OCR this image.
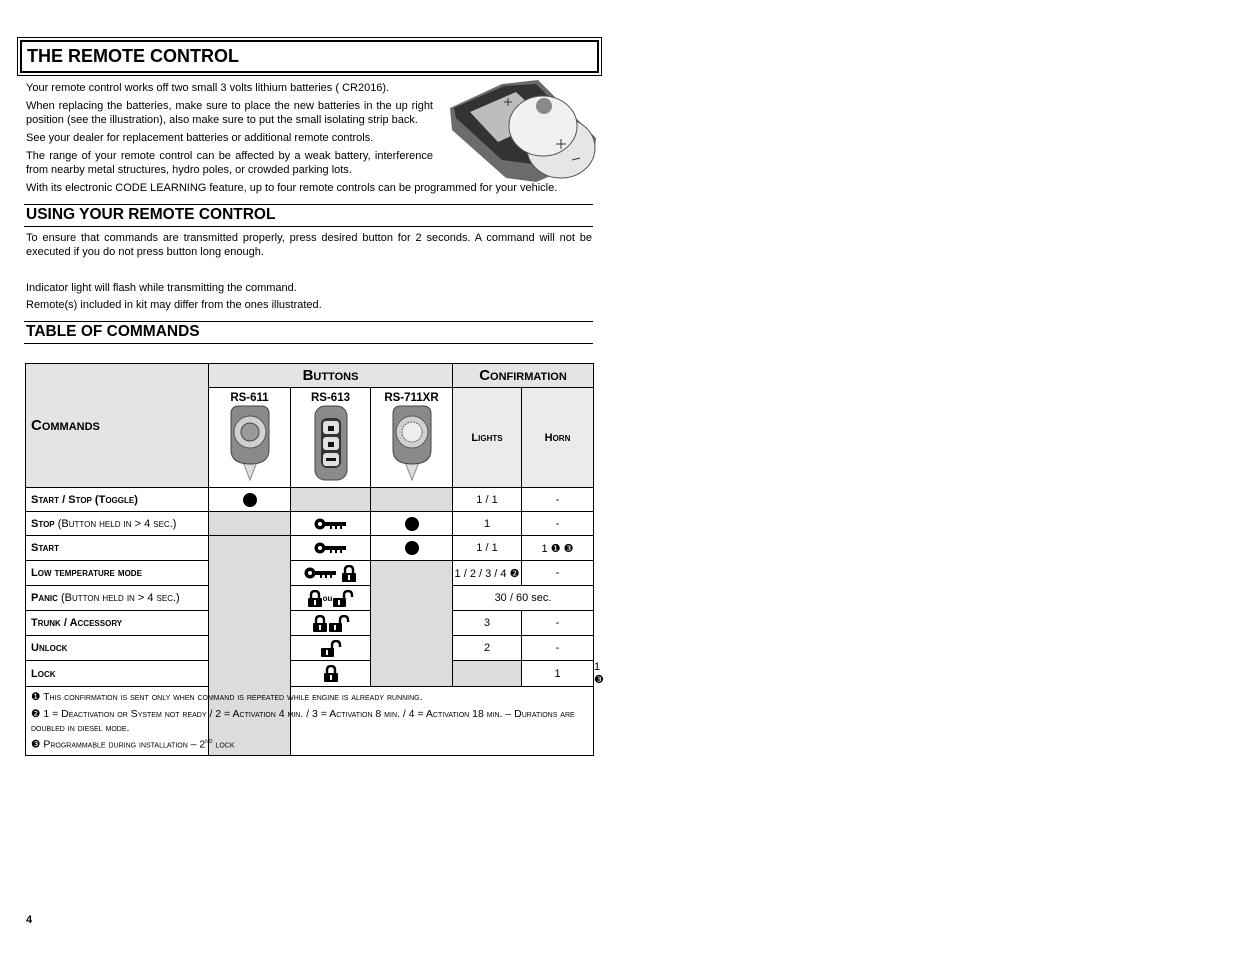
THE REMOTE CONTROL
Your remote control works off two small 3 volts lithium batteries ( CR2016).
When replacing the batteries, make sure to place the new batteries in the up right position (see the illustration), also make sure to put the small isolating strip back.
See your dealer for replacement batteries or additional remote controls.
The range of your remote control can be affected by a weak battery, interference from nearby metal structures, hydro poles, or crowded parking lots.
With its electronic CODE LEARNING feature, up to four remote controls can be programmed for your vehicle.
USING YOUR REMOTE CONTROL
To ensure that commands are transmitted properly, press desired button for 2 seconds. A command will not be executed if you do not press button long enough.
Indicator light will flash while transmitting the command.
Remote(s) included in kit may differ from the ones illustrated.
TABLE OF COMMANDS
Commands	Buttons			Confirmation		

	RS-611	RS-613	RS-711XR	Lights	Horn	
Start / Stop (Toggle)				1 / 1	-	
Stop (Button held in > 4 sec.)				1	-	
Start				1 / 1	1 ❶ ❸	
Low temperature mode				1 / 2 / 3 / 4 ❷	-	
Panic (Button held in > 4 sec.)		ou		30 / 60 sec.		
Trunk / Accessory				3	-	
Unlock				2	-	
Lock					1	1 ❸

❶ This confirmation is sent only when command is repeated while engine is already running.
❷ 1 = Deactivation or System not ready / 2 = Activation 4 min. / 3 = Activation 8 min. / 4 = Activation 18 min. – Durations are doubled in diesel mode.
❸ Programmable during installation – 2nd lock						
4
